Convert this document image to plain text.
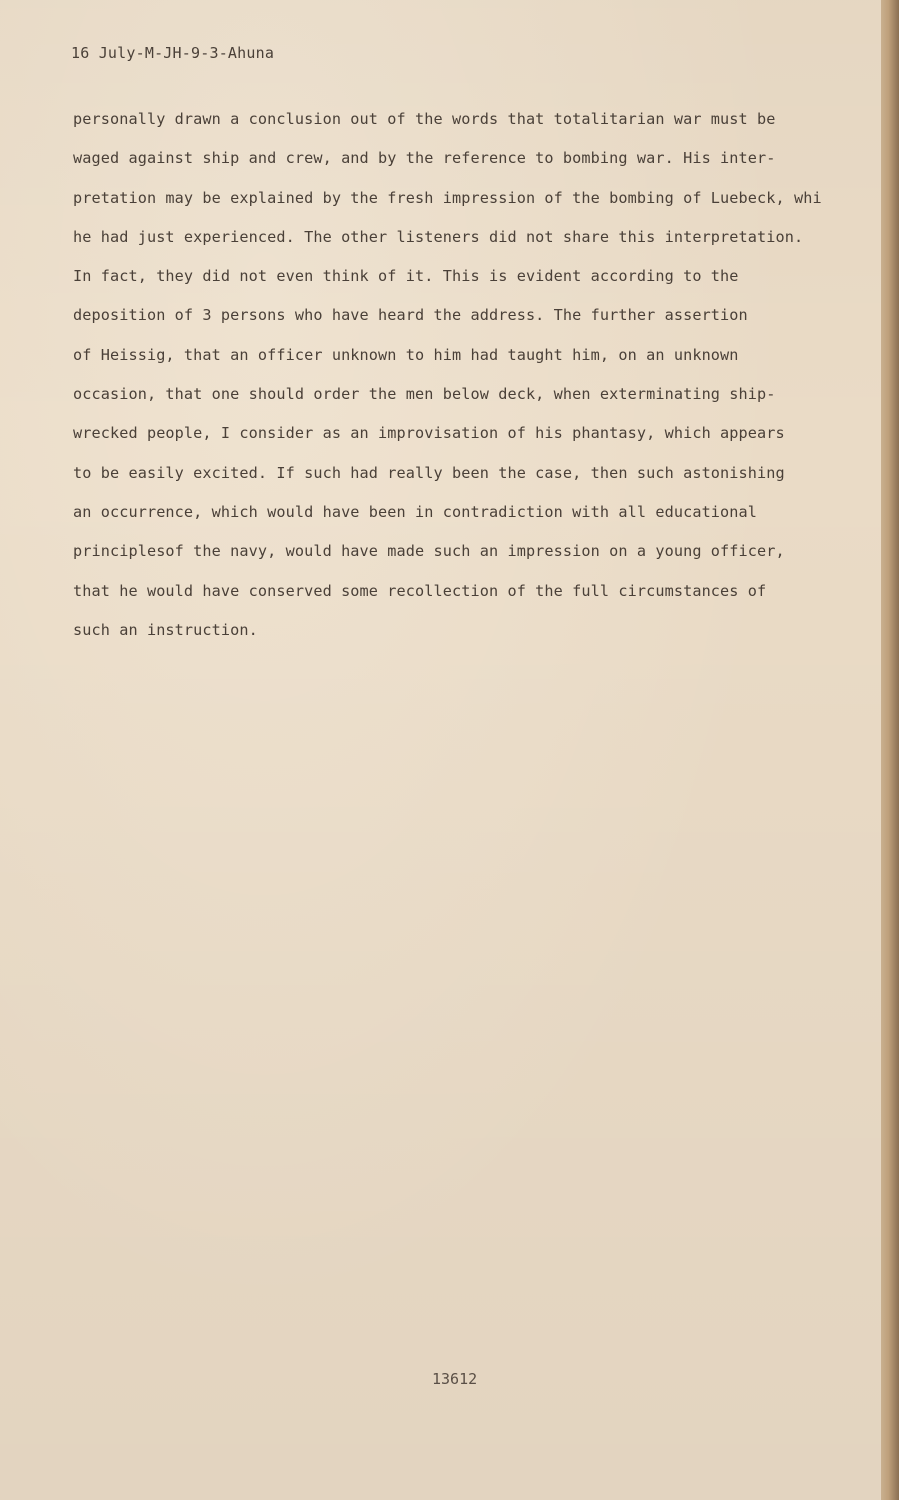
16 July-M-JH-9-3-Ahuna
personally drawn a conclusion out of the words that totalitarian war must be
waged against ship and crew, and by the reference to bombing war. His inter-
pretation may be explained by the fresh impression of the bombing of Luebeck, whi
he had just experienced. The other listeners did not share this interpretation.
In fact, they did not even think of it. This is evident according to the
deposition of 3 persons who have heard the address. The further assertion
of Heissig, that an officer unknown to him had taught him, on an unknown
occasion, that one should order the men below deck, when exterminating ship-
wrecked people, I consider as an improvisation of his phantasy, which appears
to be easily excited. If such had really been the case, then such astonishing
an occurrence, which would have been in contradiction with all educational
principlesof the navy, would have made such an impression on a young officer,
that he would have conserved some recollection of the full circumstances of
such an instruction.
13612
